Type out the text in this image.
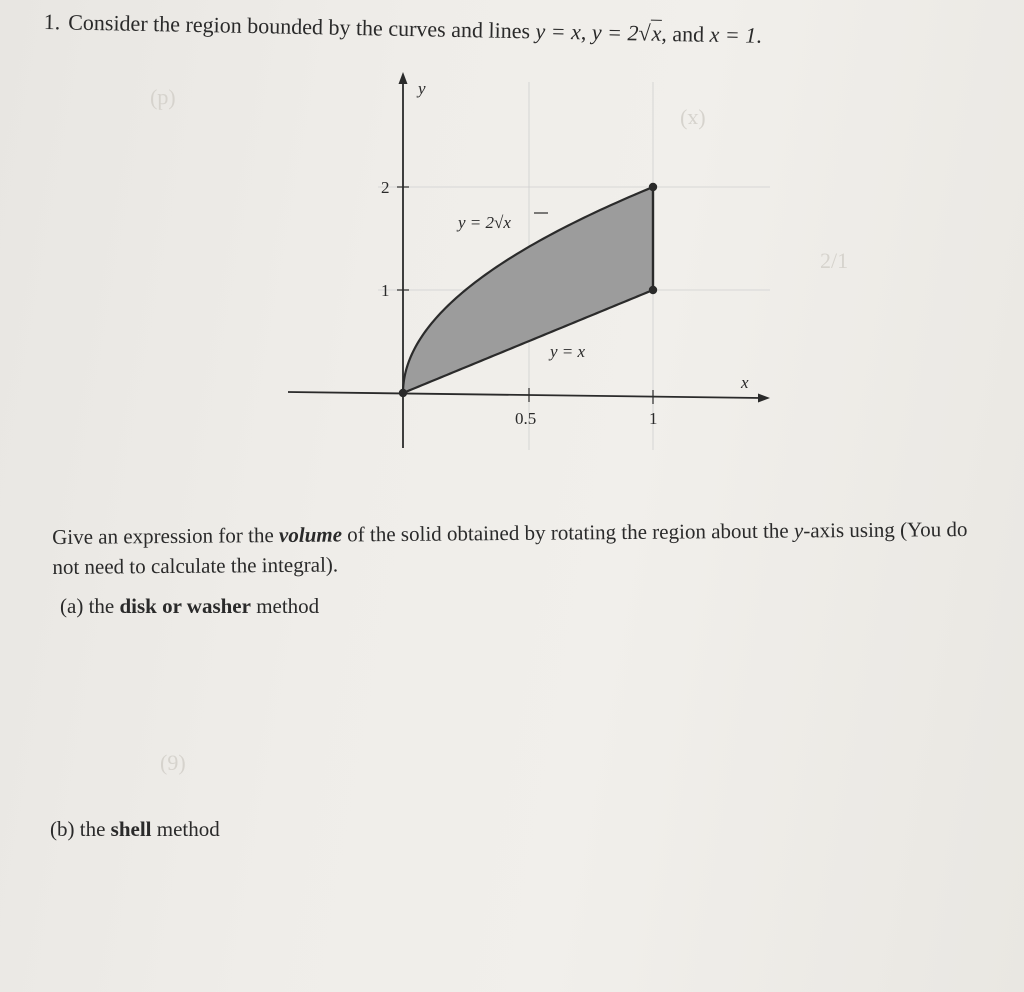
(d)
(x)
2/1
(9)
1. Consider the region bounded by the curves and lines y = x, y = 2√x, and x = 1.
y
x
2
1
0.5	1
y = 2√x
y = x
Give an expression for the volume of the solid obtained by rotating the region about the y-axis using (You do not need to calculate the integral).
(a) the disk or washer method
(b) the shell method
